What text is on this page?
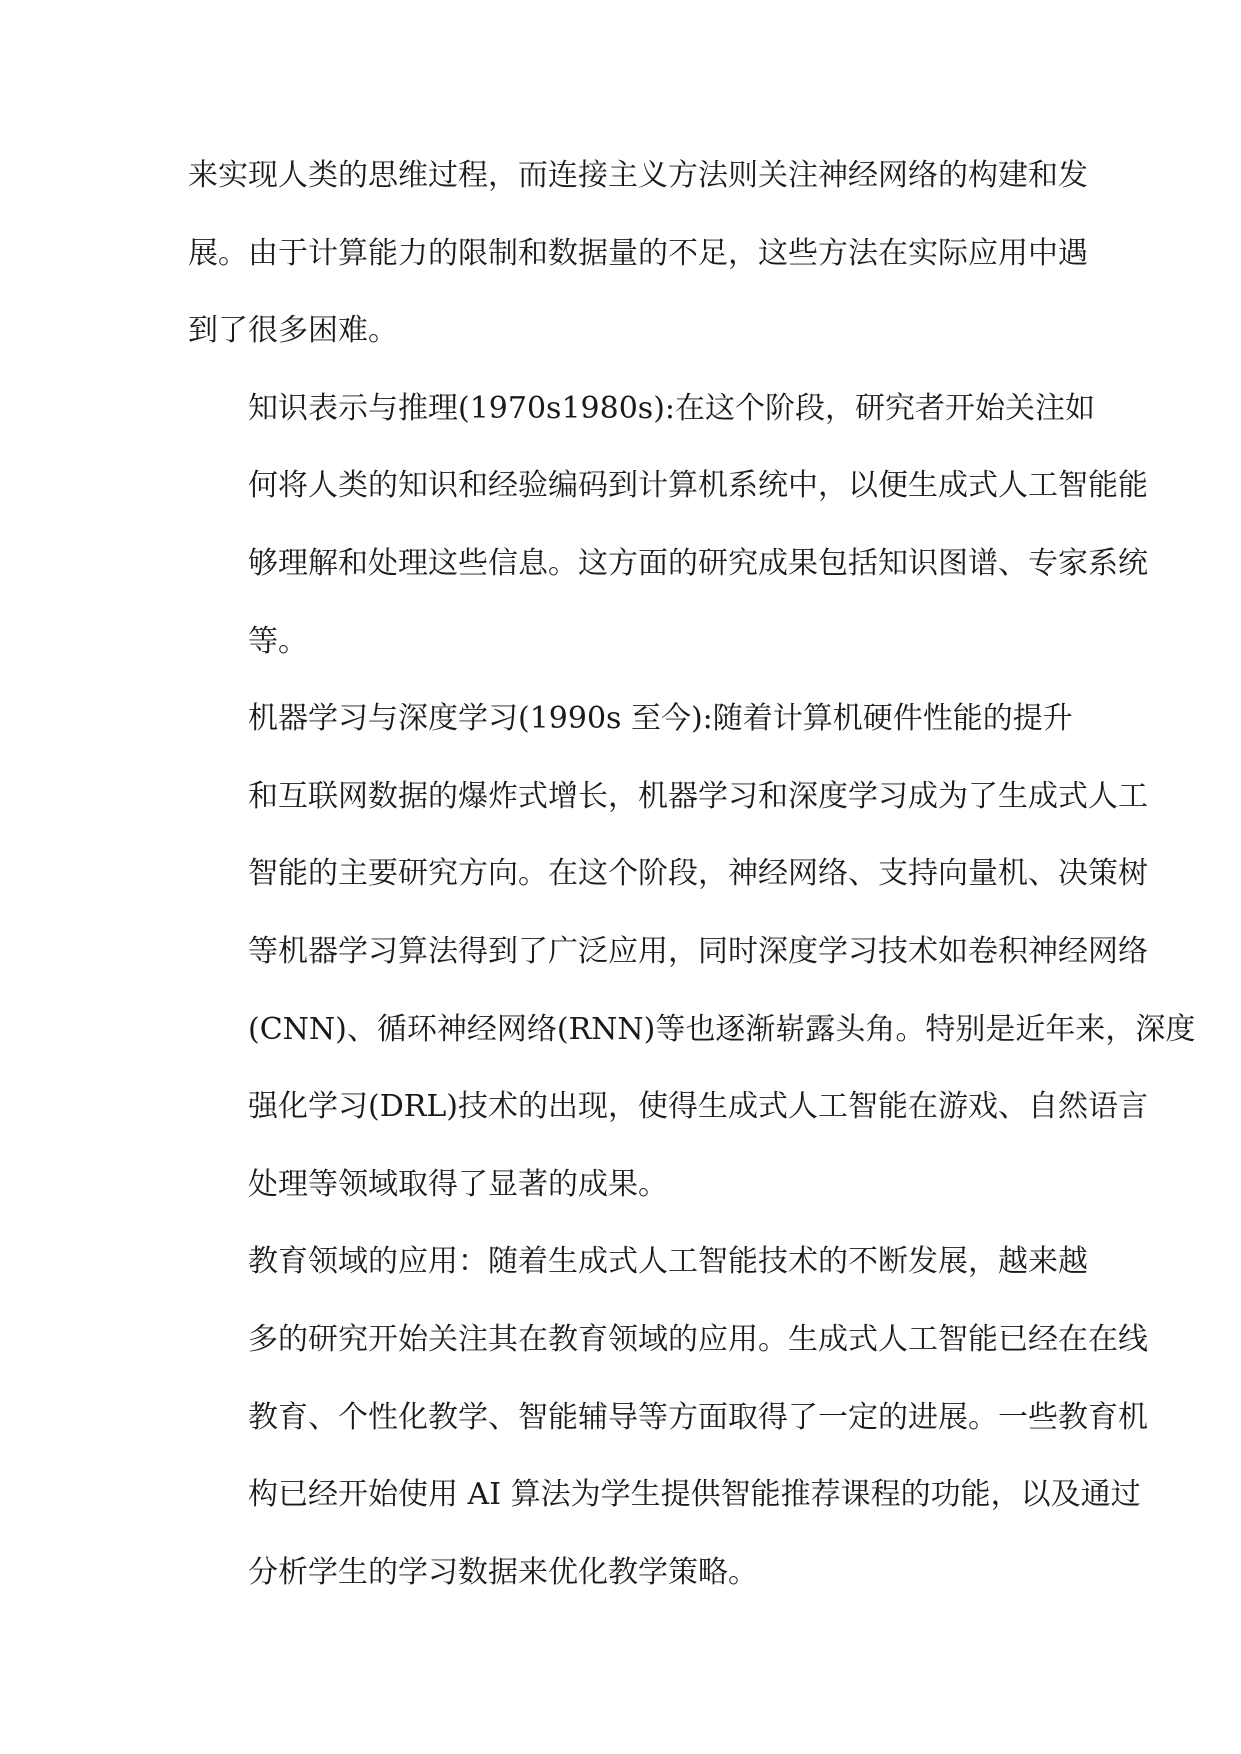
来实现人类的思维过程，而连接主义方法则关注神经网络的构建和发
展。由于计算能力的限制和数据量的不足，这些方法在实际应用中遇
到了很多困难。
知识表示与推理(1970s1980s):在这个阶段，研究者开始关注如
何将人类的知识和经验编码到计算机系统中，以便生成式人工智能能
够理解和处理这些信息。这方面的研究成果包括知识图谱、专家系统
等。
机器学习与深度学习(1990s 至今):随着计算机硬件性能的提升
和互联网数据的爆炸式增长，机器学习和深度学习成为了生成式人工
智能的主要研究方向。在这个阶段，神经网络、支持向量机、决策树
等机器学习算法得到了广泛应用，同时深度学习技术如卷积神经网络
(CNN)、循环神经网络(RNN)等也逐渐崭露头角。特别是近年来，深度
强化学习(DRL)技术的出现，使得生成式人工智能在游戏、自然语言
处理等领域取得了显著的成果。
教育领域的应用：随着生成式人工智能技术的不断发展，越来越
多的研究开始关注其在教育领域的应用。生成式人工智能已经在在线
教育、个性化教学、智能辅导等方面取得了一定的进展。一些教育机
构已经开始使用 AI 算法为学生提供智能推荐课程的功能，以及通过
分析学生的学习数据来优化教学策略。
